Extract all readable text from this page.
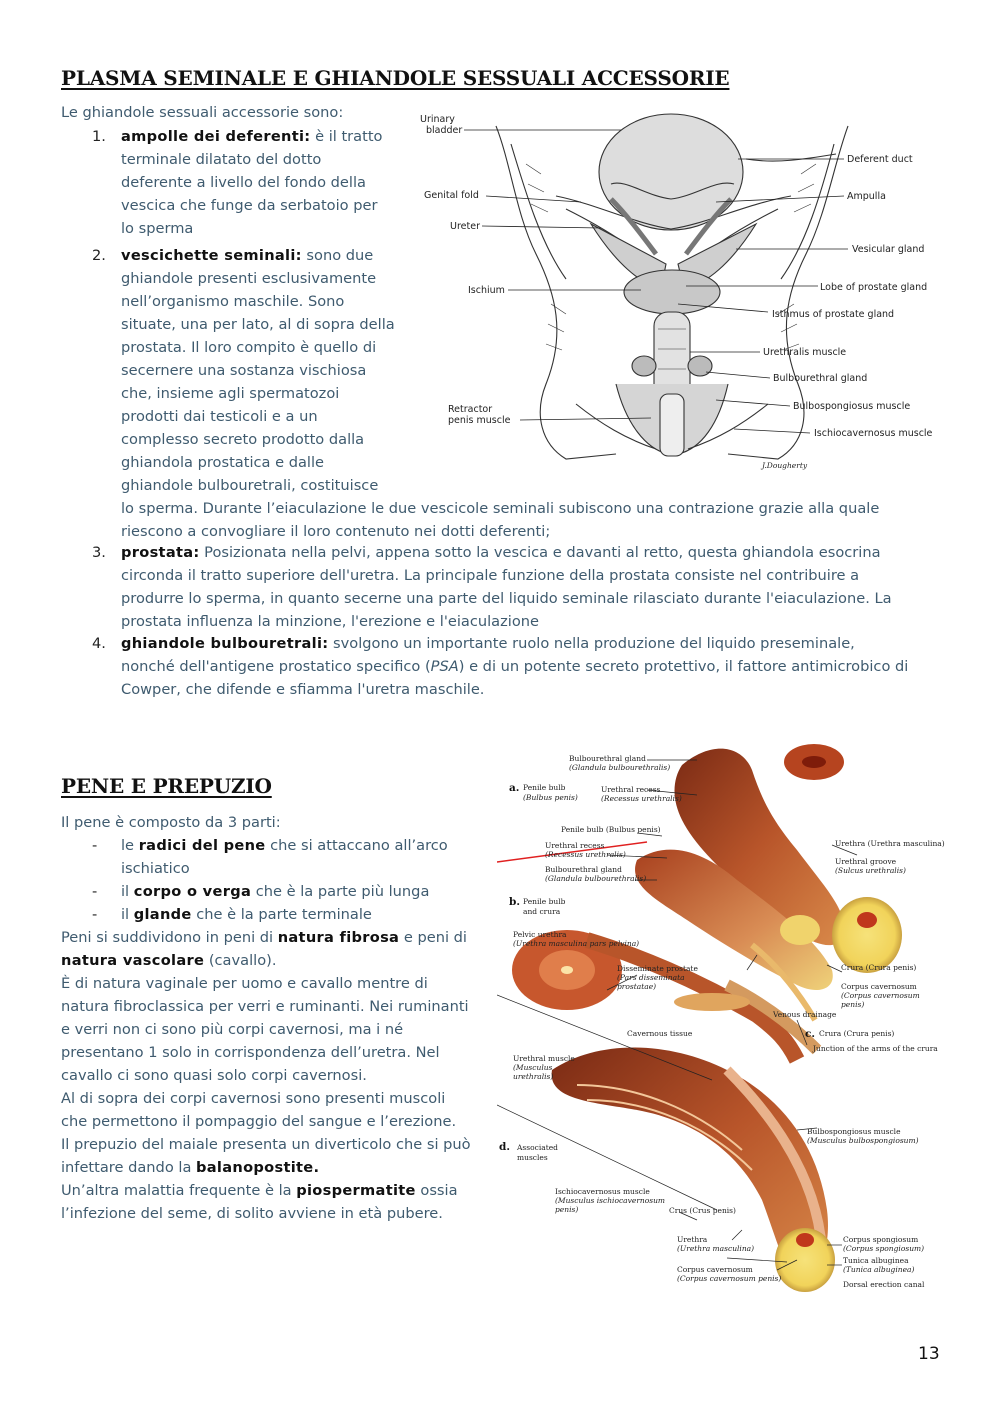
PLASMA SEMINALE E GHIANDOLE SESSUALI ACCESSORIE

Le ghiandole sessuali accessorie sono:

1. ampolle dei deferenti: è il tratto
terminale dilatato del dotto
deferente a livello del fondo della
vescica che funge da serbatoio per
lo sperma
2. vescichette seminali: sono due
ghiandole presenti esclusivamente
nell’organismo maschile. Sono
situate, una per lato, al di sopra della
prostata. Il loro compito è quello di
secernere una sostanza vischiosa
che, insieme agli spermatozoi
prodotti dai testicoli e a un
complesso secreto prodotto dalla
ghiandola prostatica e dalle
ghiandole bulbouretrali, costituisce
lo sperma. Durante l’eiaculazione le due vescicole seminali subiscono una contrazione grazie alla quale
riescono a convogliare il loro contenuto nei dotti deferenti;
3. prostata: Posizionata nella pelvi, appena sotto la vescica e davanti al retto, questa ghiandola esocrina
circonda il tratto superiore dell'uretra. La principale funzione della prostata consiste nel contribuire a
produrre lo sperma, in quanto secerne una parte del liquido seminale rilasciato durante l'eiaculazione. La
prostata influenza la minzione, l'erezione e l'eiaculazione
4. ghiandole bulbouretrali: svolgono un importante ruolo nella produzione del liquido preseminale,
nonché dell'antigene prostatico specifico (PSA) e di un potente secreto protettivo, il fattore antimicrobico di
Cowper, che difende e sfiamma l'uretra maschile.
Urinary
bladder
Genital fold
Ureter
Ischium
Retractor
penis muscle
Deferent duct
Ampulla
Vesicular gland
Lobe of prostate gland
Isthmus of prostate gland
Urethralis muscle
Bulbourethral gland
Bulbospongiosus muscle
Ischiocavernosus muscle
J.Dougherty
PENE E PREPUZIO
Il pene è composto da 3 parti:
- le radici del pene che si attaccano all’arco
ischiatico
- il corpo o verga che è la parte più lunga
- il glande che è la parte terminale
Peni si suddividono in peni di natura fibrosa e peni di
natura vascolare (cavallo).
È di natura vaginale per uomo e cavallo mentre di
natura fibroclassica per verri e ruminanti. Nei ruminanti
e verri non ci sono più corpi cavernosi, ma i né
presentano 1 solo in corrispondenza dell’uretra. Nel
cavallo ci sono quasi solo corpi cavernosi.
Al di sopra dei corpi cavernosi sono presenti muscoli
che permettono il pompaggio del sangue e l’erezione.
Il prepuzio del maiale presenta un diverticolo che si può
infettare dando la balanopostite.
Un’altra malattia frequente è la piospermatite ossia
l’infezione del seme, di solito avviene in età pubere.
a. Penile bulb
(Bulbus penis)
Bulbourethral gland
(Glandula bulbourethralis)
Urethral recess
(Recessus urethralis)
Penile bulb (Bulbus penis)
Urethral recess
(Recessus urethralis)
Bulbourethral gland
(Glandula bulbourethralis)
b. Penile bulb
and crura
Pelvic urethra
(Urethra masculina pars pelvina)
Disseminate prostate
(Pars disseminata
prostatae)
Cavernous tissue
Urethra (Urethra masculina)
Urethral groove
(Sulcus urethralis)
Crura (Crura penis)
Corpus cavernosum
(Corpus cavernosum
penis)
Venous drainage
c. Crura (Crura penis)
Junction of the arms of the crura
Urethral muscle
(Musculus
urethralis)
d. Associated
muscles
Bulbospongiosus muscle
(Musculus bulbospongiosum)
Ischiocavernosus muscle
(Musculus ischiocavernosum
penis)	Crus (Crus penis)
Urethra
(Urethra masculina)
Corpus cavernosum
(Corpus cavernosum penis)
Corpus spongiosum
(Corpus spongiosum)
Tunica albuginea
(Tunica albuginea)
Dorsal erection canal
13
